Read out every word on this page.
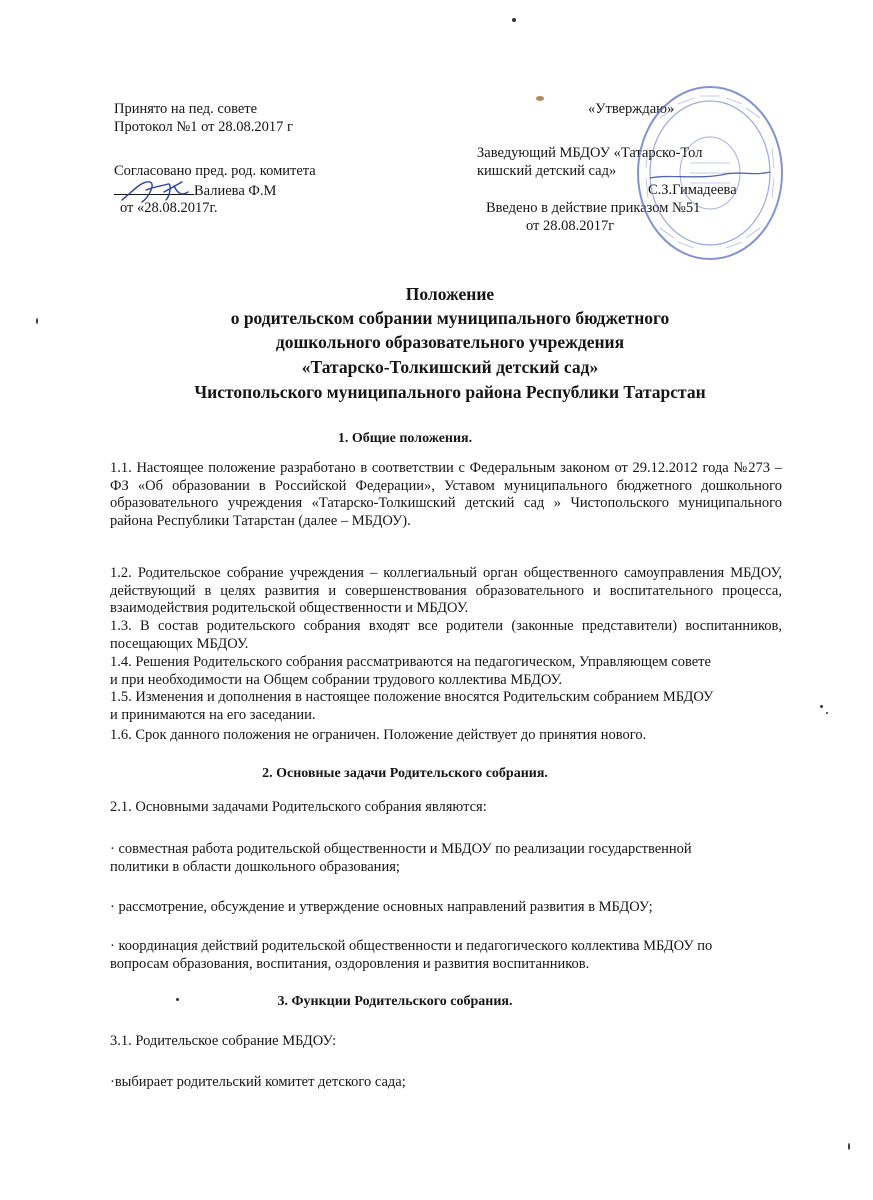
Принято на пед. совете
Протокол №1 от 28.08.2017 г
Согласовано пред. род. комитета
Валиева Ф.М
от «28.08.2017г.
«Утверждаю»
Заведующий МБДОУ «Татарско-Тол
кишский детский сад»
С.З.Гимадеева
Введено в действие приказом №51
от 28.08.2017г
Положение
о родительском собрании муниципального бюджетного
дошкольного образовательного учреждения
«Татарско-Толкишский детский сад»
Чистопольского муниципального района Республики Татарстан
1. Общие положения.
1.1. Настоящее положение разработано в соответствии с Федеральным законом от 29.12.2012 года №273 –ФЗ «Об образовании в Российской Федерации», Уставом муниципального бюджетного дошкольного образовательного учреждения «Татарско-Толкишский детский сад » Чистопольского муниципального района Республики Татарстан (далее – МБДОУ).
1.2. Родительское собрание учреждения – коллегиальный орган общественного самоуправления МБДОУ, действующий в целях развития и совершенствования образовательного и воспитательного процесса, взаимодействия родительской общественности и МБДОУ.
1.3. В состав родительского собрания входят все родители (законные представители) воспитанников, посещающих МБДОУ.
1.4. Решения Родительского собрания рассматриваются на педагогическом, Управляющем совете
и при необходимости на Общем собрании трудового коллектива МБДОУ.
1.5. Изменения и дополнения в настоящее положение вносятся Родительским собранием МБДОУ
и принимаются на его заседании.
1.6. Срок данного положения не ограничен. Положение действует до принятия нового.
2. Основные задачи Родительского собрания.
2.1. Основными задачами Родительского собрания являются:
· совместная работа родительской общественности и МБДОУ по реализации государственной
политики в области дошкольного образования;
· рассмотрение, обсуждение и утверждение основных направлений развития в МБДОУ;
· координация действий родительской общественности и педагогического коллектива МБДОУ по
вопросам образования, воспитания, оздоровления и развития воспитанников.
3. Функции Родительского собрания.
3.1. Родительское собрание МБДОУ:
·выбирает родительский комитет детского сада;
